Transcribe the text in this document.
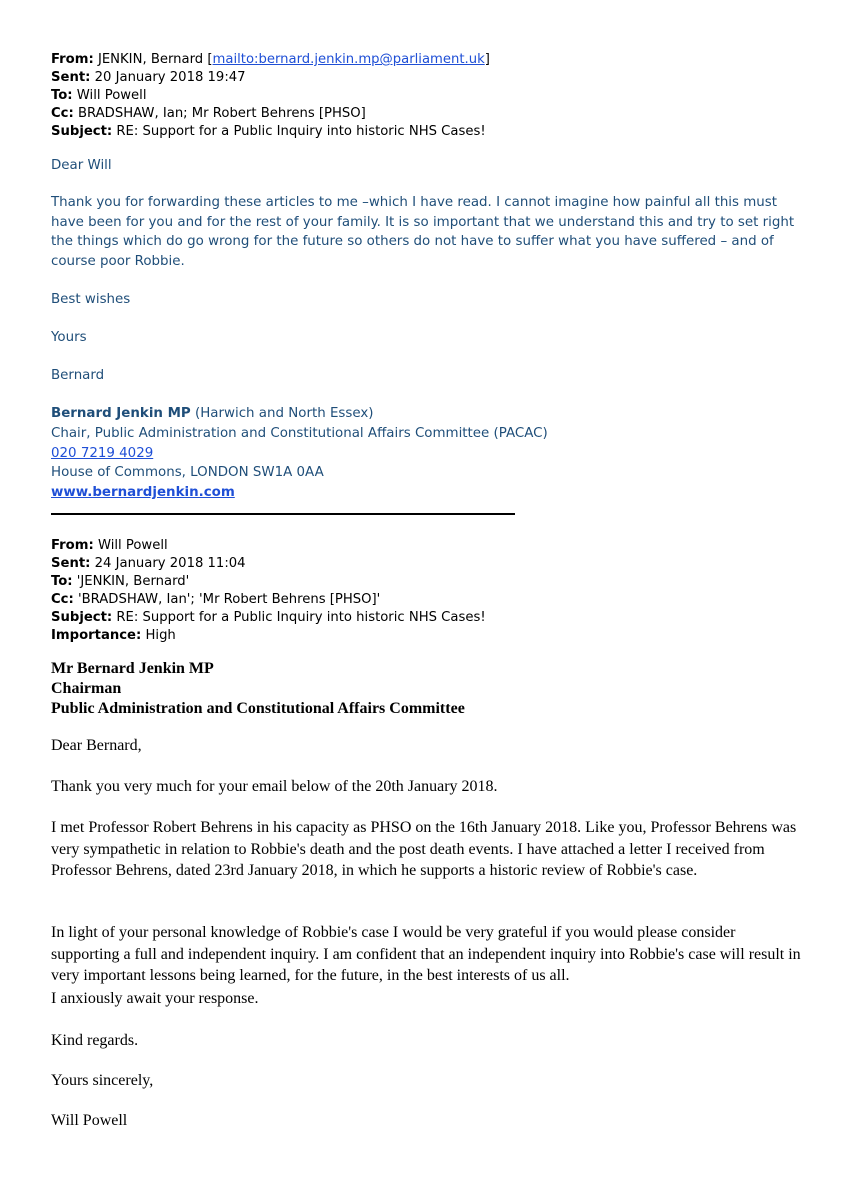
From: JENKIN, Bernard [mailto:bernard.jenkin.mp@parliament.uk]
Sent: 20 January 2018 19:47
To: Will Powell
Cc: BRADSHAW, Ian; Mr Robert Behrens [PHSO]
Subject: RE: Support for a Public Inquiry into historic NHS Cases!
Dear Will
Thank you for forwarding these articles to me –which I have read. I cannot imagine how painful all this must have been for you and for the rest of your family. It is so important that we understand this and try to set right the things which do go wrong for the future so others do not have to suffer what you have suffered – and of course poor Robbie.
Best wishes
Yours
Bernard
Bernard Jenkin MP (Harwich and North Essex)
Chair, Public Administration and Constitutional Affairs Committee (PACAC)
020 7219 4029
House of Commons, LONDON SW1A 0AA
www.bernardjenkin.com
From: Will Powell
Sent: 24 January 2018 11:04
To: 'JENKIN, Bernard'
Cc: 'BRADSHAW, Ian'; 'Mr Robert Behrens [PHSO]'
Subject: RE: Support for a Public Inquiry into historic NHS Cases!
Importance: High
Mr Bernard Jenkin MP
Chairman
Public Administration and Constitutional Affairs Committee
Dear Bernard,
Thank you very much for your email below of the 20th January 2018.
I met Professor Robert Behrens in his capacity as PHSO on the 16th January 2018. Like you, Professor Behrens was very sympathetic in relation to Robbie's death and the post death events. I have attached a letter I received from Professor Behrens, dated 23rd January 2018, in which he supports a historic review of Robbie's case.
In light of your personal knowledge of Robbie's case I would be very grateful if you would please consider supporting a full and independent inquiry. I am confident that an independent inquiry into Robbie's case will result in very important lessons being learned, for the future, in the best interests of us all.
I anxiously await your response.
Kind regards.
Yours sincerely,
Will Powell
